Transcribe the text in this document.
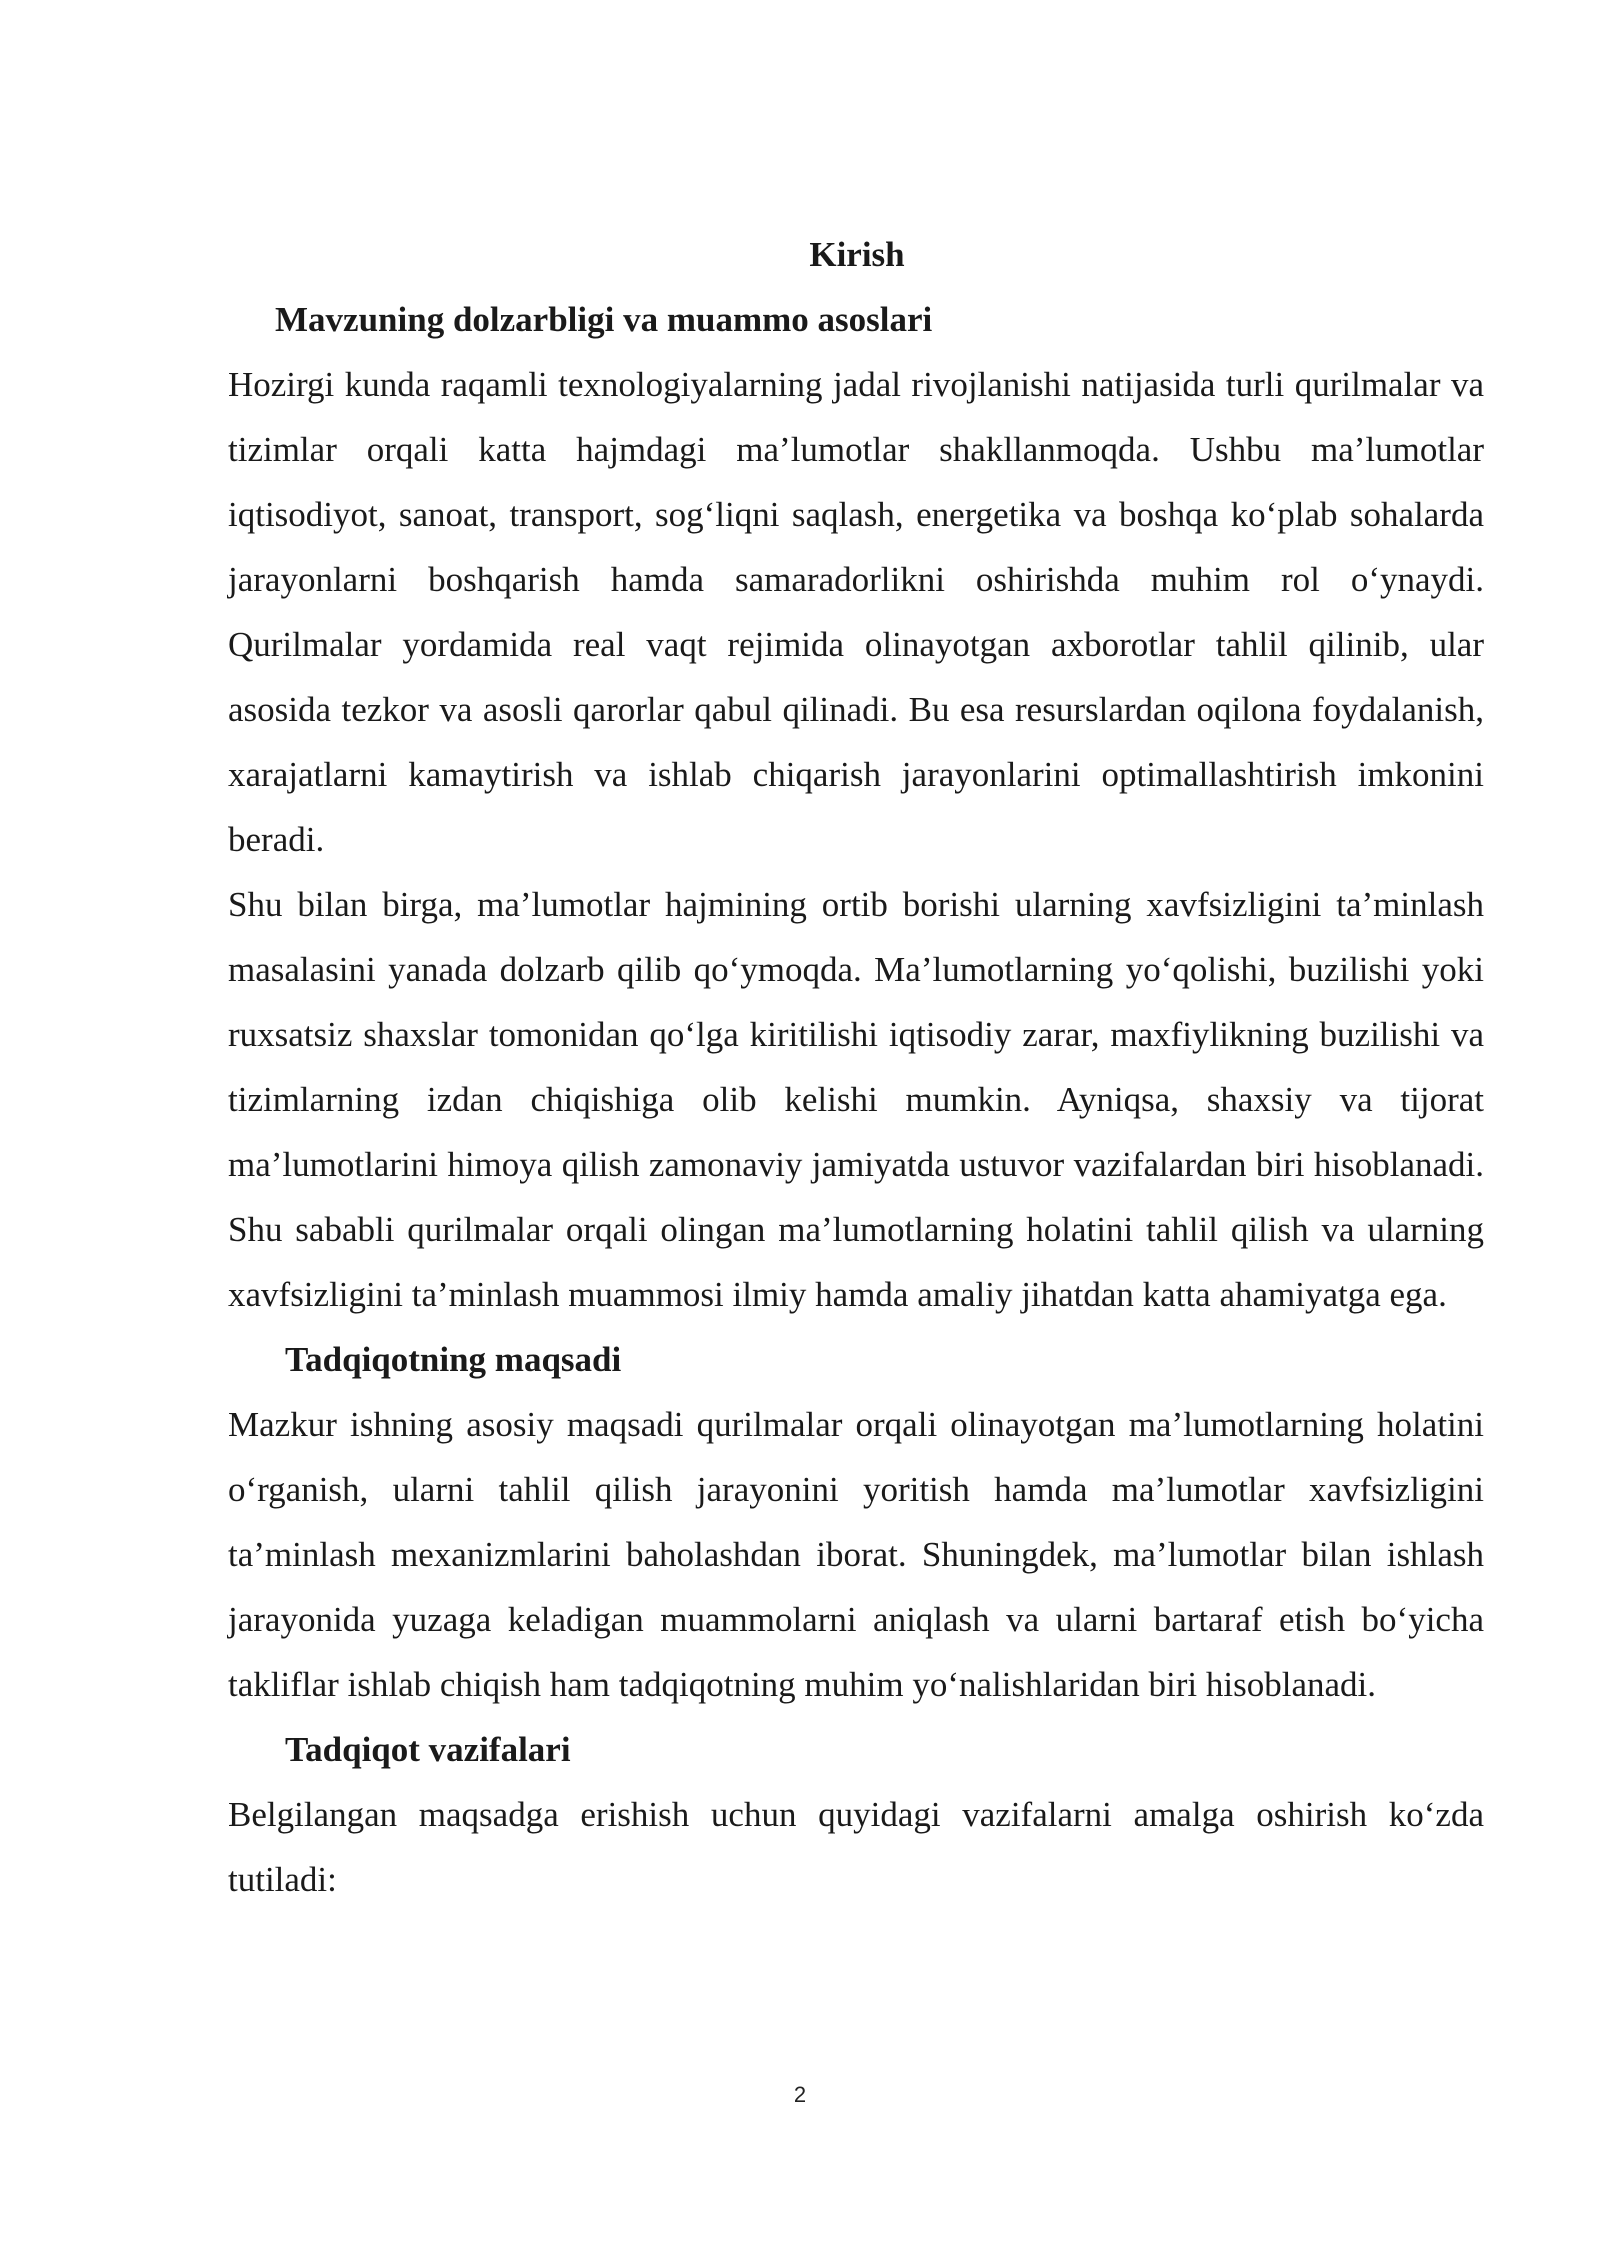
Kirish
Mavzuning dolzarbligi va muammo asoslari

Hozirgi kunda raqamli texnologiyalarning jadal rivojlanishi natijasida turli qurilmalar va tizimlar orqali katta hajmdagi ma’lumotlar shakllanmoqda. Ushbu ma’lumotlar iqtisodiyot, sanoat, transport, sog‘liqni saqlash, energetika va boshqa ko‘plab sohalarda jarayonlarni boshqarish hamda samaradorlikni oshirishda muhim rol o‘ynaydi. Qurilmalar yordamida real vaqt rejimida olinayotgan axborotlar tahlil qilinib, ular asosida tezkor va asosli qarorlar qabul qilinadi. Bu esa resurslardan oqilona foydalanish, xarajatlarni kamaytirish va ishlab chiqarish jarayonlarini optimallashtirish imkonini beradi.

Shu bilan birga, ma’lumotlar hajmining ortib borishi ularning xavfsizligini ta’minlash masalasini yanada dolzarb qilib qo‘ymoqda. Ma’lumotlarning yo‘qolishi, buzilishi yoki ruxsatsiz shaxslar tomonidan qo‘lga kiritilishi iqtisodiy zarar, maxfiylikning buzilishi va tizimlarning izdan chiqishiga olib kelishi mumkin. Ayniqsa, shaxsiy va tijorat ma’lumotlarini himoya qilish zamonaviy jamiyatda ustuvor vazifalardan biri hisoblanadi. Shu sababli qurilmalar orqali olingan ma’lumotlarning holatini tahlil qilish va ularning xavfsizligini ta’minlash muammosi ilmiy hamda amaliy jihatdan katta ahamiyatga ega.

Tadqiqotning maqsadi

Mazkur ishning asosiy maqsadi qurilmalar orqali olinayotgan ma’lumotlarning holatini o‘rganish, ularni tahlil qilish jarayonini yoritish hamda ma’lumotlar xavfsizligini ta’minlash mexanizmlarini baholashdan iborat. Shuningdek, ma’lumotlar bilan ishlash jarayonida yuzaga keladigan muammolarni aniqlash va ularni bartaraf etish bo‘yicha takliflar ishlab chiqish ham tadqiqotning muhim yo‘nalishlaridan biri hisoblanadi.

Tadqiqot vazifalari

Belgilangan maqsadga erishish uchun quyidagi vazifalarni amalga oshirish ko‘zda tutiladi:

2
